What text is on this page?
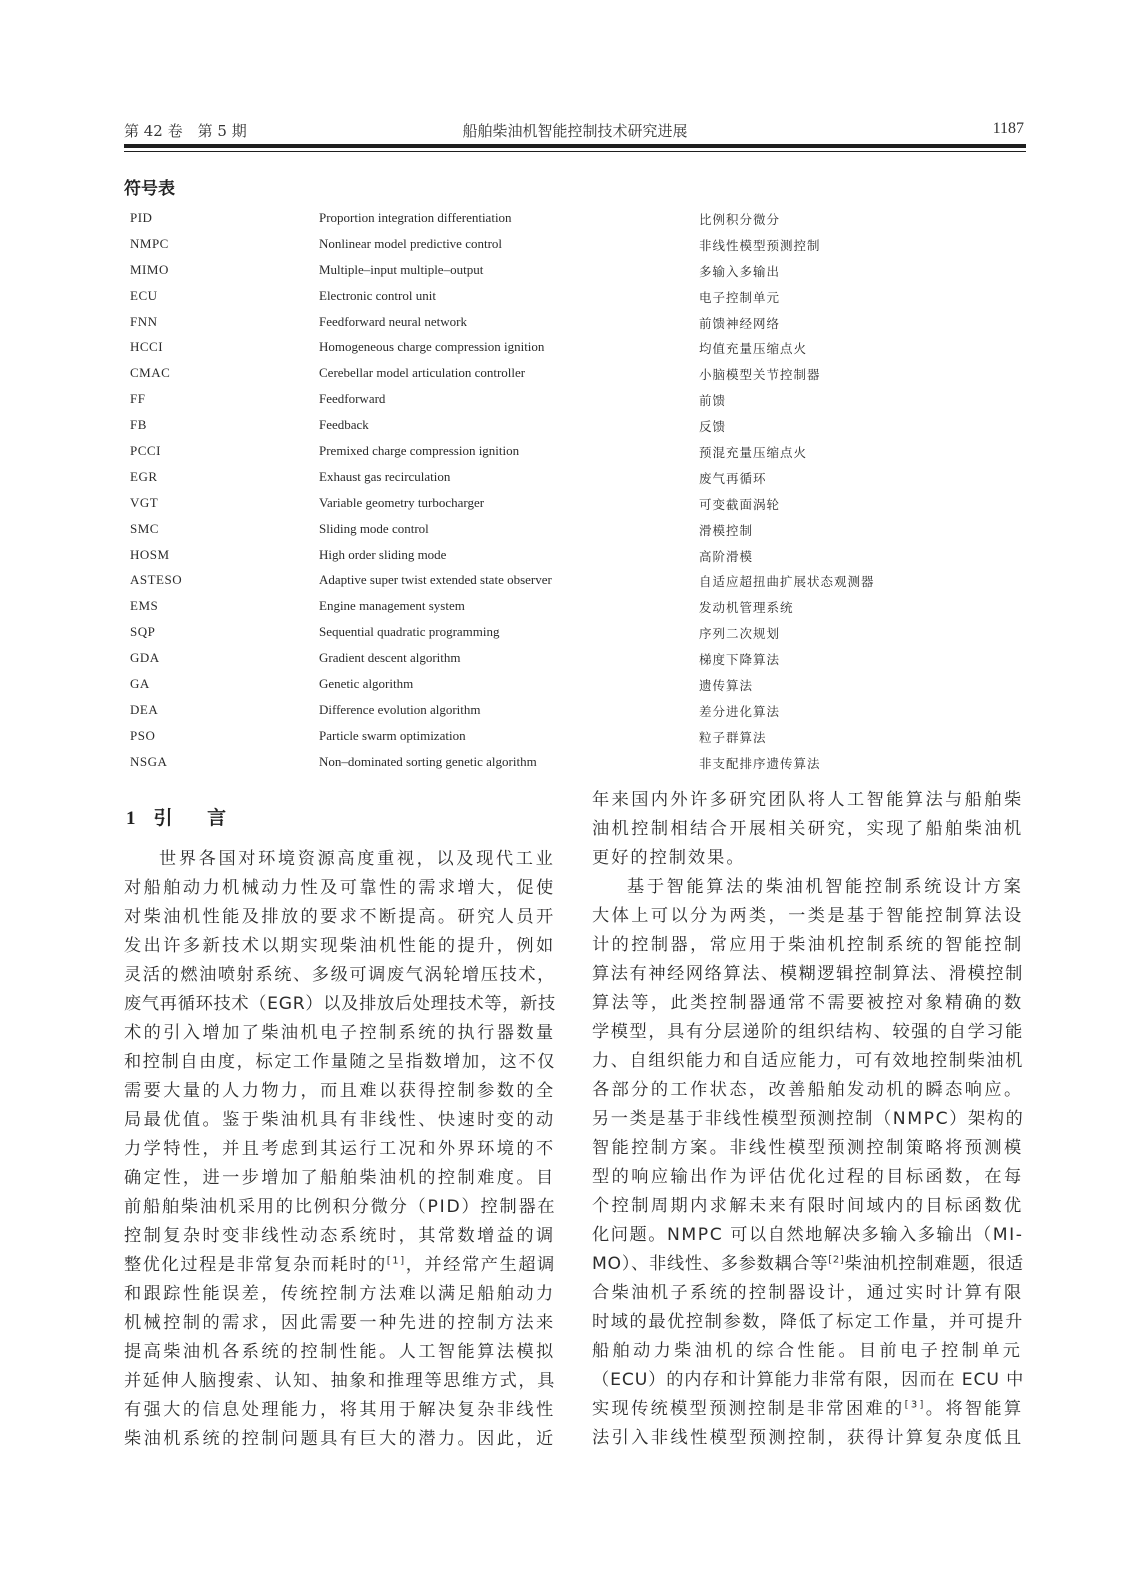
第 42 卷　第 5 期	船舶柴油机智能控制技术研究进展	1187
符号表
PID	Proportion integration differentiation	比例积分微分
NMPC	Nonlinear model predictive control	非线性模型预测控制
MIMO	Multiple–input multiple–output	多输入多输出
ECU	Electronic control unit	电子控制单元
FNN	Feedforward neural network	前馈神经网络
HCCI	Homogeneous charge compression ignition	均值充量压缩点火
CMAC	Cerebellar model articulation controller	小脑模型关节控制器
FF	Feedforward	前馈
FB	Feedback	反馈
PCCI	Premixed charge compression ignition	预混充量压缩点火
EGR	Exhaust gas recirculation	废气再循环
VGT	Variable geometry turbocharger	可变截面涡轮
SMC	Sliding mode control	滑模控制
HOSM	High order sliding mode	高阶滑模
ASTESO	Adaptive super twist extended state observer	自适应超扭曲扩展状态观测器
EMS	Engine management system	发动机管理系统
SQP	Sequential quadratic programming	序列二次规划
GDA	Gradient descent algorithm	梯度下降算法
GA	Genetic algorithm	遗传算法
DEA	Difference evolution algorithm	差分进化算法
PSO	Particle swarm optimization	粒子群算法
NSGA	Non–dominated sorting genetic algorithm	非支配排序遗传算法
1 引 言
世界各国对环境资源高度重视，以及现代工业
对船舶动力机械动力性及可靠性的需求增大，促使
对柴油机性能及排放的要求不断提高。研究人员开
发出许多新技术以期实现柴油机性能的提升，例如
灵活的燃油喷射系统、多级可调废气涡轮增压技术，
废气再循环技术（EGR）以及排放后处理技术等，新技
术的引入增加了柴油机电子控制系统的执行器数量
和控制自由度，标定工作量随之呈指数增加，这不仅
需要大量的人力物力，而且难以获得控制参数的全
局最优值。鉴于柴油机具有非线性、快速时变的动
力学特性，并且考虑到其运行工况和外界环境的不
确定性，进一步增加了船舶柴油机的控制难度。目
前船舶柴油机采用的比例积分微分（PID）控制器在
控制复杂时变非线性动态系统时，其常数增益的调
整优化过程是非常复杂而耗时的[1]，并经常产生超调
和跟踪性能误差，传统控制方法难以满足船舶动力
机械控制的需求，因此需要一种先进的控制方法来
提高柴油机各系统的控制性能。人工智能算法模拟
并延伸人脑搜索、认知、抽象和推理等思维方式，具
有强大的信息处理能力，将其用于解决复杂非线性
柴油机系统的控制问题具有巨大的潜力。因此，近
年来国内外许多研究团队将人工智能算法与船舶柴
油机控制相结合开展相关研究，实现了船舶柴油机
更好的控制效果。
基于智能算法的柴油机智能控制系统设计方案
大体上可以分为两类，一类是基于智能控制算法设
计的控制器，常应用于柴油机控制系统的智能控制
算法有神经网络算法、模糊逻辑控制算法、滑模控制
算法等，此类控制器通常不需要被控对象精确的数
学模型，具有分层递阶的组织结构、较强的自学习能
力、自组织能力和自适应能力，可有效地控制柴油机
各部分的工作状态，改善船舶发动机的瞬态响应。
另一类是基于非线性模型预测控制（NMPC）架构的
智能控制方案。非线性模型预测控制策略将预测模
型的响应输出作为评估优化过程的目标函数，在每
个控制周期内求解未来有限时间域内的目标函数优
化问题。NMPC 可以自然地解决多输入多输出（MI-
MO）、非线性、多参数耦合等[2]柴油机控制难题，很适
合柴油机子系统的控制器设计，通过实时计算有限
时域的最优控制参数，降低了标定工作量，并可提升
船舶动力柴油机的综合性能。目前电子控制单元
（ECU）的内存和计算能力非常有限，因而在 ECU 中
实现传统模型预测控制是非常困难的[3]。将智能算
法引入非线性模型预测控制，获得计算复杂度低且
